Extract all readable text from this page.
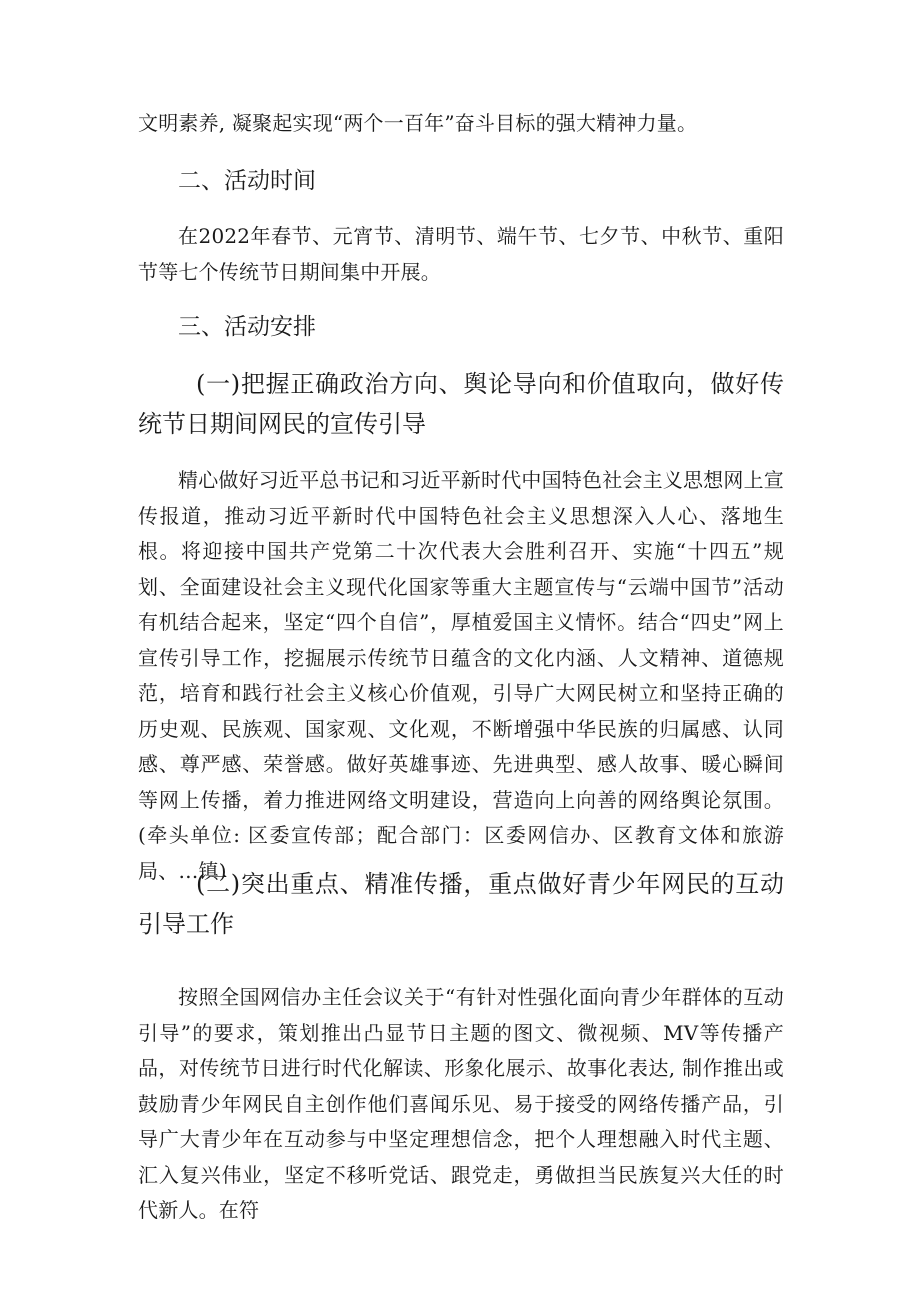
文明素养, 凝聚起实现“两个一百年”奋斗目标的强大精神力量。

二、活动时间

在2022年春节、元宵节、清明节、端午节、七夕节、中秋节、重阳节等七个传统节日期间集中开展。

三、活动安排

(一)把握正确政治方向、舆论导向和价值取向，做好传统节日期间网民的宣传引导

精心做好习近平总书记和习近平新时代中国特色社会主义思想网上宣传报道，推动习近平新时代中国特色社会主义思想深入人心、落地生根。将迎接中国共产党第二十次代表大会胜利召开、实施“十四五”规划、全面建设社会主义现代化国家等重大主题宣传与“云端中国节”活动有机结合起来，坚定“四个自信”，厚植爱国主义情怀。结合“四史”网上宣传引导工作，挖掘展示传统节日蕴含的文化内涵、人文精神、道德规范，培育和践行社会主义核心价值观，引导广大网民树立和坚持正确的历史观、民族观、国家观、文化观，不断增强中华民族的归属感、认同感、尊严感、荣誉感。做好英雄事迹、先进典型、感人故事、暖心瞬间等网上传播，着力推进网络文明建设，营造向上向善的网络舆论氛围。(牵头单位: 区委宣传部；配合部门：区委网信办、区教育文体和旅游局、…镇)

(二)突出重点、精准传播，重点做好青少年网民的互动引导工作

按照全国网信办主任会议关于“有针对性强化面向青少年群体的互动引导”的要求，策划推出凸显节日主题的图文、微视频、MV等传播产品，对传统节日进行时代化解读、形象化展示、故事化表达, 制作推出或鼓励青少年网民自主创作他们喜闻乐见、易于接受的网络传播产品，引导广大青少年在互动参与中坚定理想信念，把个人理想融入时代主题、汇入复兴伟业，坚定不移听党话、跟党走，勇做担当民族复兴大任的时代新人。在符
